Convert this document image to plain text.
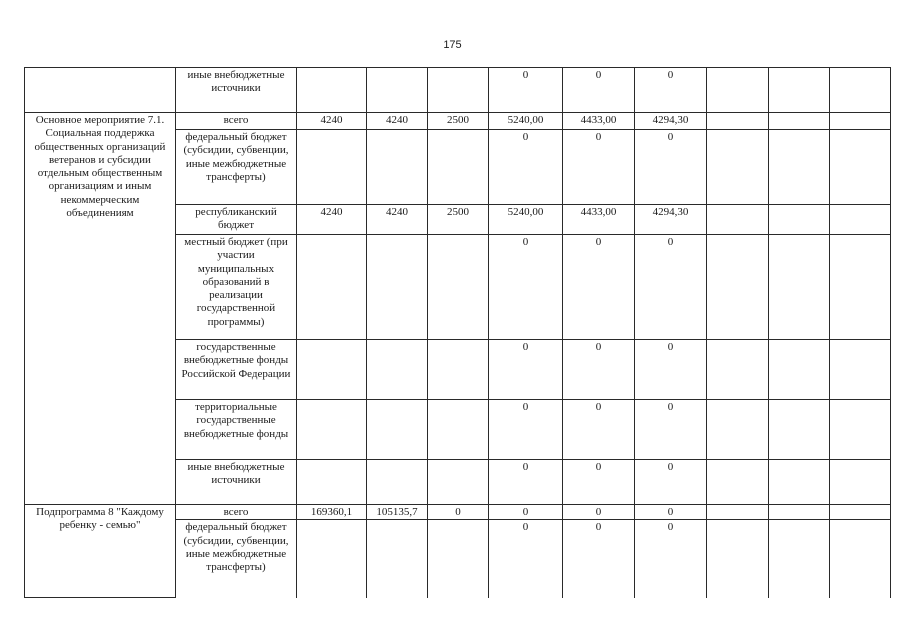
175
	иные внебюджетные источники				0	0	0			
Основное мероприятие 7.1. Социальная поддержка общественных организаций ветеранов и субсидии отдельным общественным организациям и иным некоммерческим объединениям	всего	4240	4240	2500	5240,00	4433,00	4294,30			
	федеральный бюджет (субсидии, субвенции, иные межбюджетные трансферты)				0	0	0			
	республиканский бюджет	4240	4240	2500	5240,00	4433,00	4294,30			
	местный бюджет (при участии муниципальных образований в реализации государственной программы)				0	0	0			
	государственные внебюджетные фонды Российской Федерации				0	0	0			
	территориальные государственные внебюджетные фонды				0	0	0			
	иные внебюджетные источники				0	0	0			
Подпрограмма 8 "Каждому ребенку - семью"	всего	169360,1	105135,7	0	0	0	0			
	федеральный бюджет (субсидии, субвенции, иные межбюджетные трансферты)				0	0	0			
